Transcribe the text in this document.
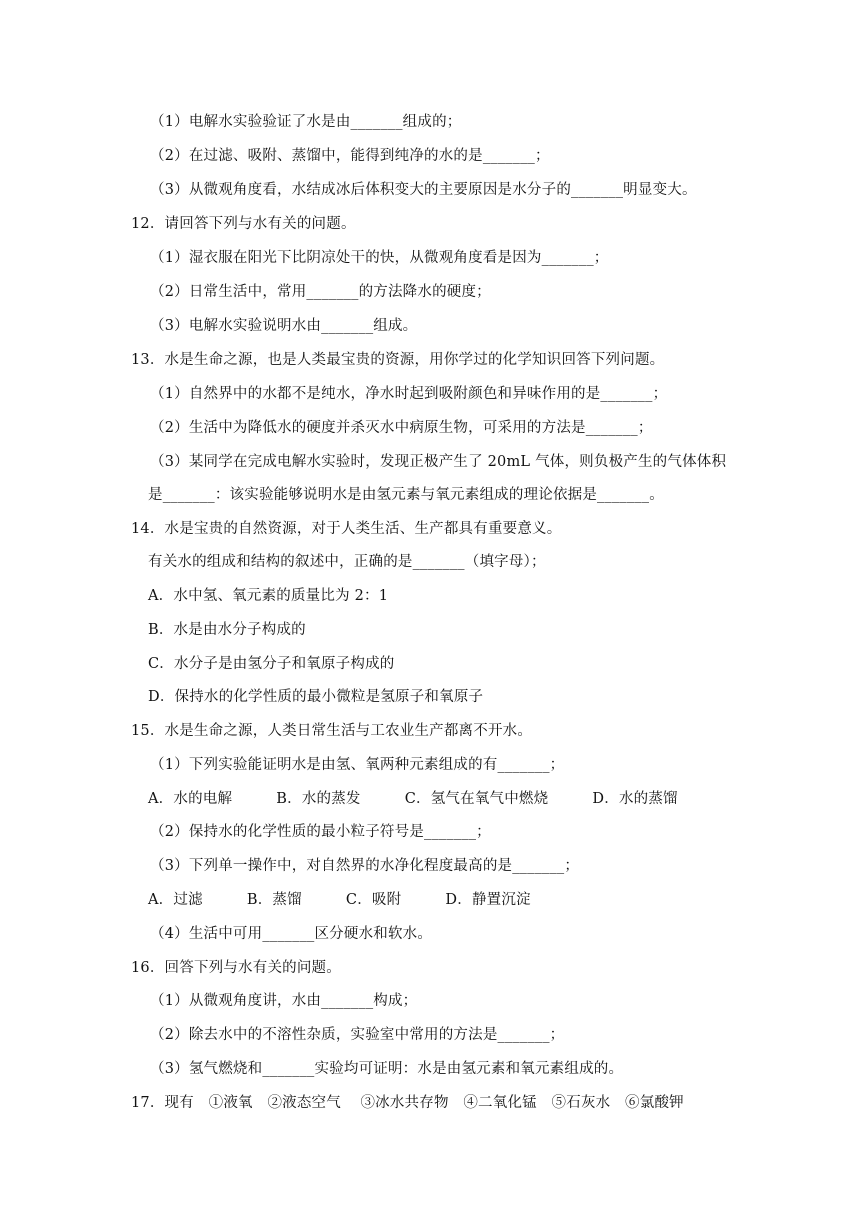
（1）电解水实验验证了水是由_______组成的；
（2）在过滤、吸附、蒸馏中，能得到纯净的水的是_______；
（3）从微观角度看，水结成冰后体积变大的主要原因是水分子的_______明显变大。
12．请回答下列与水有关的问题。
（1）湿衣服在阳光下比阴凉处干的快，从微观角度看是因为_______；
（2）日常生活中，常用_______的方法降水的硬度；
（3）电解水实验说明水由_______组成。
13．水是生命之源，也是人类最宝贵的资源，用你学过的化学知识回答下列问题。
（1）自然界中的水都不是纯水，净水时起到吸附颜色和异味作用的是_______；
（2）生活中为降低水的硬度并杀灭水中病原生物，可采用的方法是_______；
（3）某同学在完成电解水实验时，发现正极产生了 20mL 气体，则负极产生的气体体积
是_______：该实验能够说明水是由氢元素与氧元素组成的理论依据是_______。
14．水是宝贵的自然资源，对于人类生活、生产都具有重要意义。
有关水的组成和结构的叙述中，正确的是_______（填字母）；
A．水中氢、氧元素的质量比为 2：1
B．水是由水分子构成的
C．水分子是由氢分子和氧原子构成的
D．保持水的化学性质的最小微粒是氢原子和氧原子
15．水是生命之源，人类日常生活与工农业生产都离不开水。
（1）下列实验能证明水是由氢、氧两种元素组成的有_______；
A．水的电解　　　B．水的蒸发　　　C．氢气在氧气中燃烧　　　D．水的蒸馏
（2）保持水的化学性质的最小粒子符号是_______；
（3）下列单一操作中，对自然界的水净化程度最高的是_______；
A．过滤　　　B．蒸馏　　　C．吸附　　　D．静置沉淀
（4）生活中可用_______区分硬水和软水。
16．回答下列与水有关的问题。
（1）从微观角度讲，水由_______构成；
（2）除去水中的不溶性杂质，实验室中常用的方法是_______；
（3）氢气燃烧和_______实验均可证明：水是由氢元素和氧元素组成的。
17．现有　①液氧　②液态空气　 ③冰水共存物　④二氧化锰　⑤石灰水　⑥氯酸钾
